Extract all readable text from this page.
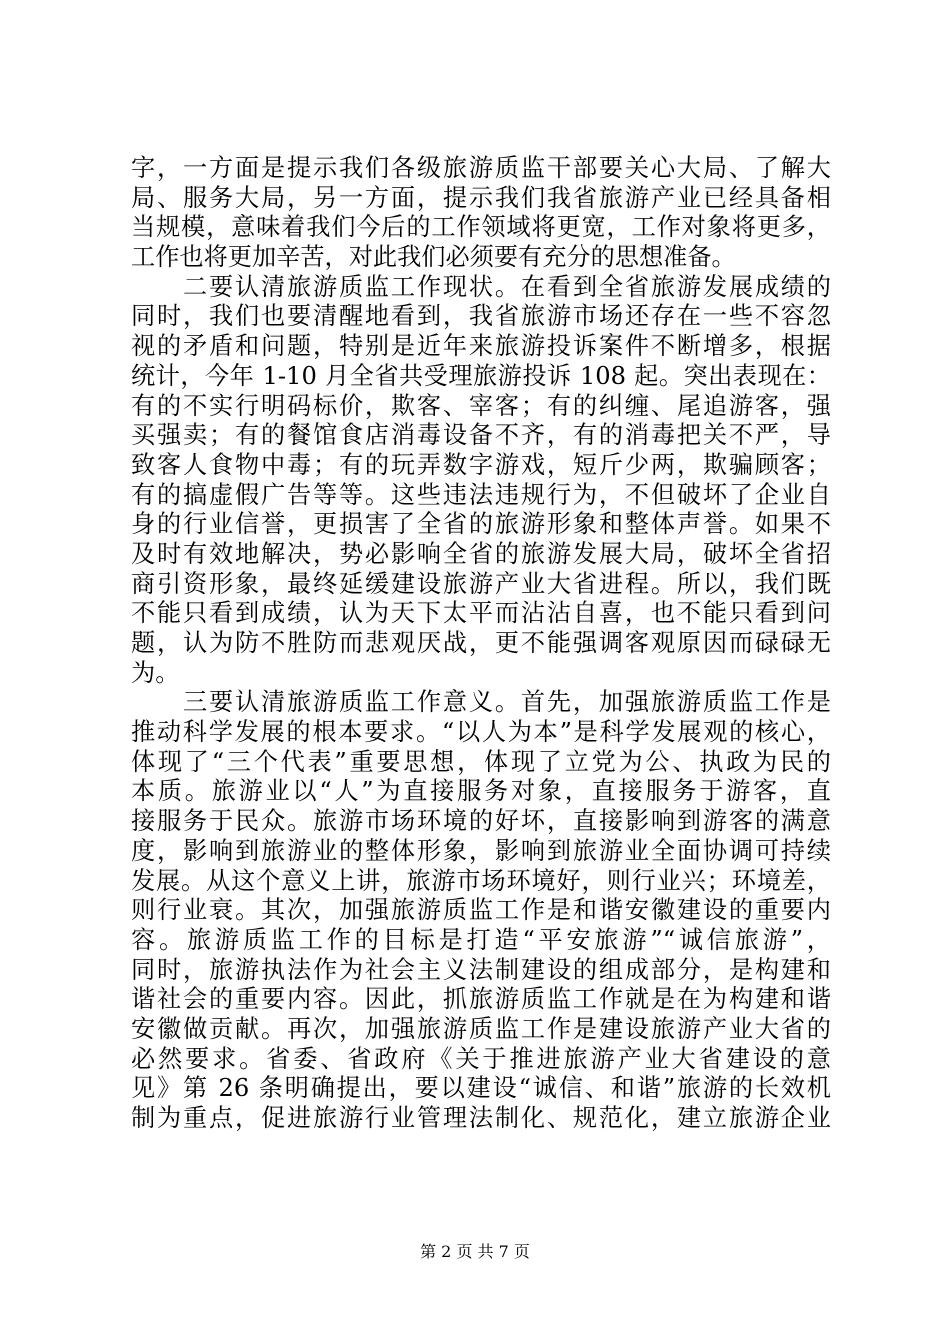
字，一方面是提示我们各级旅游质监干部要关心大局、了解大
局、服务大局，另一方面，提示我们我省旅游产业已经具备相
当规模，意味着我们今后的工作领域将更宽，工作对象将更多，
工作也将更加辛苦，对此我们必须要有充分的思想准备。
　　二要认清旅游质监工作现状。在看到全省旅游发展成绩的
同时，我们也要清醒地看到，我省旅游市场还存在一些不容忽
视的矛盾和问题，特别是近年来旅游投诉案件不断增多，根据
统计，今年 1-10 月全省共受理旅游投诉 108 起。突出表现在：
有的不实行明码标价，欺客、宰客；有的纠缠、尾追游客，强
买强卖；有的餐馆食店消毒设备不齐，有的消毒把关不严，导
致客人食物中毒；有的玩弄数字游戏，短斤少两，欺骗顾客；
有的搞虚假广告等等。这些违法违规行为，不但破坏了企业自
身的行业信誉，更损害了全省的旅游形象和整体声誉。如果不
及时有效地解决，势必影响全省的旅游发展大局，破坏全省招
商引资形象，最终延缓建设旅游产业大省进程。所以，我们既
不能只看到成绩，认为天下太平而沾沾自喜，也不能只看到问
题，认为防不胜防而悲观厌战，更不能强调客观原因而碌碌无
为。
　　三要认清旅游质监工作意义。首先，加强旅游质监工作是
推动科学发展的根本要求。“以人为本”是科学发展观的核心，
体现了“三个代表”重要思想，体现了立党为公、执政为民的
本质。旅游业以“人”为直接服务对象，直接服务于游客，直
接服务于民众。旅游市场环境的好坏，直接影响到游客的满意
度，影响到旅游业的整体形象，影响到旅游业全面协调可持续
发展。从这个意义上讲，旅游市场环境好，则行业兴；环境差，
则行业衰。其次，加强旅游质监工作是和谐安徽建设的重要内
容。旅游质监工作的目标是打造“平安旅游”“诚信旅游”，
同时，旅游执法作为社会主义法制建设的组成部分，是构建和
谐社会的重要内容。因此，抓旅游质监工作就是在为构建和谐
安徽做贡献。再次，加强旅游质监工作是建设旅游产业大省的
必然要求。省委、省政府《关于推进旅游产业大省建设的意
见》第 26 条明确提出，要以建设“诚信、和谐”旅游的长效机
制为重点，促进旅游行业管理法制化、规范化，建立旅游企业
第 2 页 共 7 页
